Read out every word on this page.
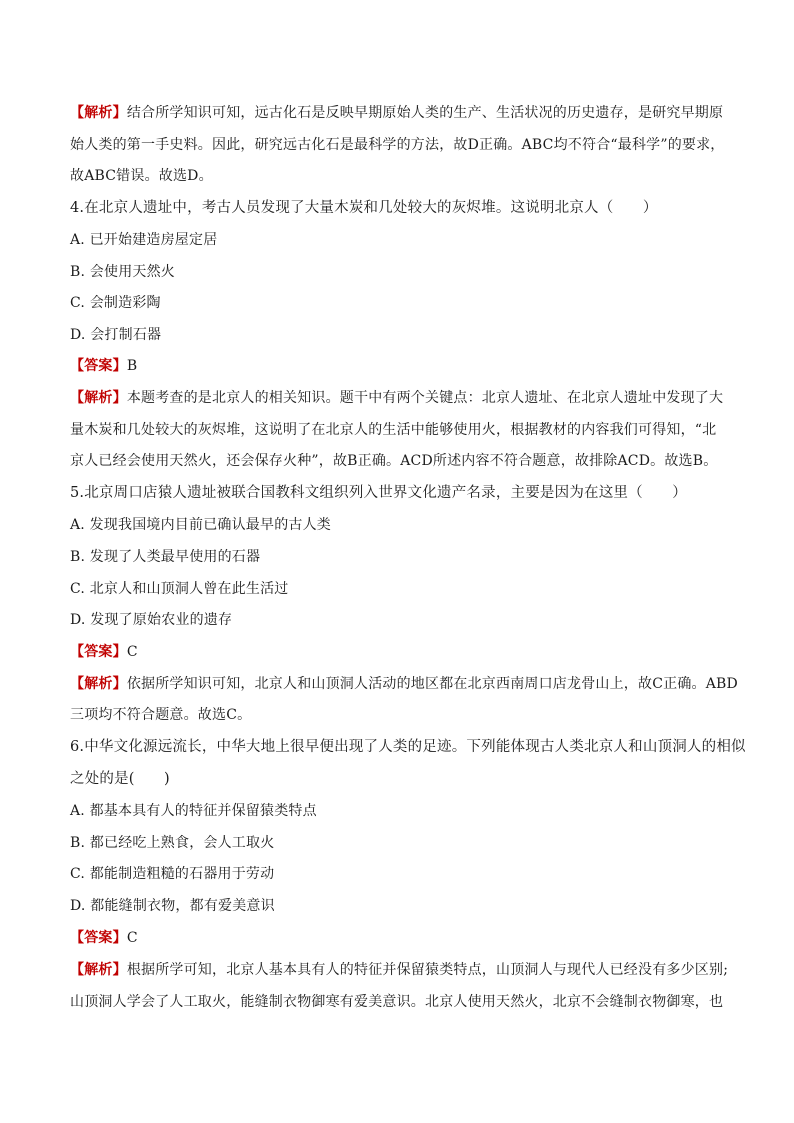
【解析】结合所学知识可知，远古化石是反映早期原始人类的生产、生活状况的历史遗存，是研究早期原
始人类的第一手史料。因此，研究远古化石是最科学的方法，故D正确。ABC均不符合“最科学”的要求，
故ABC错误。故选D。
4.在北京人遗址中，考古人员发现了大量木炭和几处较大的灰烬堆。这说明北京人（　　）
A. 已开始建造房屋定居
B. 会使用天然火
C. 会制造彩陶
D. 会打制石器
【答案】B
【解析】本题考查的是北京人的相关知识。题干中有两个关键点：北京人遗址、在北京人遗址中发现了大
量木炭和几处较大的灰烬堆，这说明了在北京人的生活中能够使用火，根据教材的内容我们可得知，“北
京人已经会使用天然火，还会保存火种”，故B正确。ACD所述内容不符合题意，故排除ACD。故选B。
5.北京周口店猿人遗址被联合国教科文组织列入世界文化遗产名录，主要是因为在这里（　　）
A. 发现我国境内目前已确认最早的古人类
B. 发现了人类最早使用的石器
C. 北京人和山顶洞人曾在此生活过
D. 发现了原始农业的遗存
【答案】C
【解析】依据所学知识可知，北京人和山顶洞人活动的地区都在北京西南周口店龙骨山上，故C正确。ABD
三项均不符合题意。故选C。
6.中华文化源远流长，中华大地上很早便出现了人类的足迹。下列能体现古人类北京人和山顶洞人的相似
之处的是(　　)
A. 都基本具有人的特征并保留猿类特点
B. 都已经吃上熟食，会人工取火
C. 都能制造粗糙的石器用于劳动
D. 都能缝制衣物，都有爱美意识
【答案】C
【解析】根据所学可知，北京人基本具有人的特征并保留猿类特点，山顶洞人与现代人已经没有多少区别;
山顶洞人学会了人工取火，能缝制衣物御寒有爱美意识。北京人使用天然火，北京不会缝制衣物御寒，也
